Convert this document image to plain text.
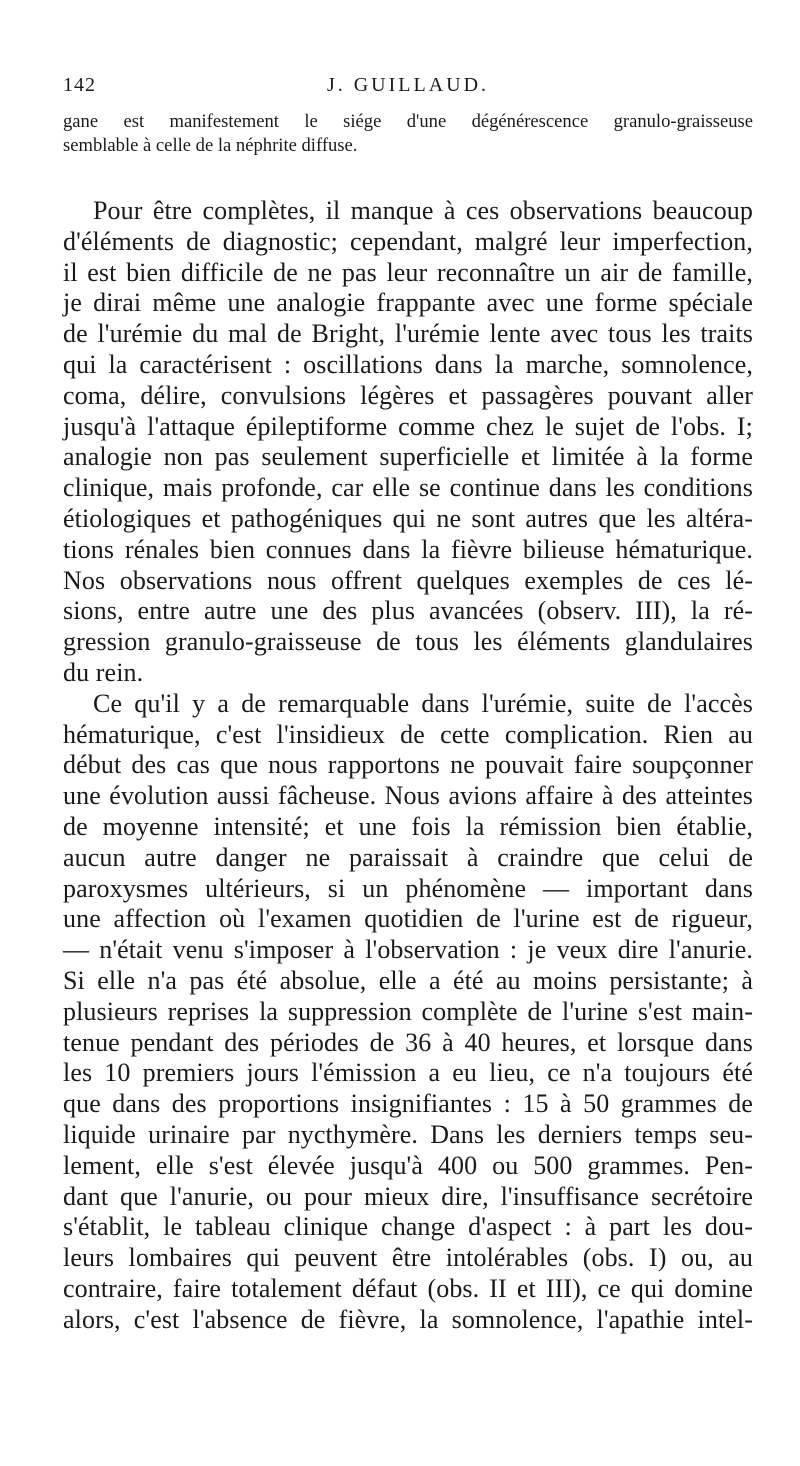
142	J. GUILLAUD.
gane est manifestement le siége d'une dégénérescence granulo-graisseuse
semblable à celle de la néphrite diffuse.
Pour être complètes, il manque à ces observations beaucoup
d'éléments de diagnostic; cependant, malgré leur imperfection,
il est bien difficile de ne pas leur reconnaître un air de famille,
je dirai même une analogie frappante avec une forme spéciale
de l'urémie du mal de Bright, l'urémie lente avec tous les traits
qui la caractérisent : oscillations dans la marche, somnolence,
coma, délire, convulsions légères et passagères pouvant aller
jusqu'à l'attaque épileptiforme comme chez le sujet de l'obs. I;
analogie non pas seulement superficielle et limitée à la forme
clinique, mais profonde, car elle se continue dans les conditions
étiologiques et pathogéniques qui ne sont autres que les altéra-
tions rénales bien connues dans la fièvre bilieuse hématurique.
Nos observations nous offrent quelques exemples de ces lé-
sions, entre autre une des plus avancées (observ. III), la ré-
gression granulo-graisseuse de tous les éléments glandulaires
du rein.
Ce qu'il y a de remarquable dans l'urémie, suite de l'accès
hématurique, c'est l'insidieux de cette complication. Rien au
début des cas que nous rapportons ne pouvait faire soupçonner
une évolution aussi fâcheuse. Nous avions affaire à des atteintes
de moyenne intensité; et une fois la rémission bien établie,
aucun autre danger ne paraissait à craindre que celui de
paroxysmes ultérieurs, si un phénomène — important dans
une affection où l'examen quotidien de l'urine est de rigueur,
— n'était venu s'imposer à l'observation : je veux dire l'anurie.
Si elle n'a pas été absolue, elle a été au moins persistante; à
plusieurs reprises la suppression complète de l'urine s'est main-
tenue pendant des périodes de 36 à 40 heures, et lorsque dans
les 10 premiers jours l'émission a eu lieu, ce n'a toujours été
que dans des proportions insignifiantes : 15 à 50 grammes de
liquide urinaire par nycthymère. Dans les derniers temps seu-
lement, elle s'est élevée jusqu'à 400 ou 500 grammes. Pen-
dant que l'anurie, ou pour mieux dire, l'insuffisance secrétoire
s'établit, le tableau clinique change d'aspect : à part les dou-
leurs lombaires qui peuvent être intolérables (obs. I) ou, au
contraire, faire totalement défaut (obs. II et III), ce qui domine
alors, c'est l'absence de fièvre, la somnolence, l'apathie intel-
